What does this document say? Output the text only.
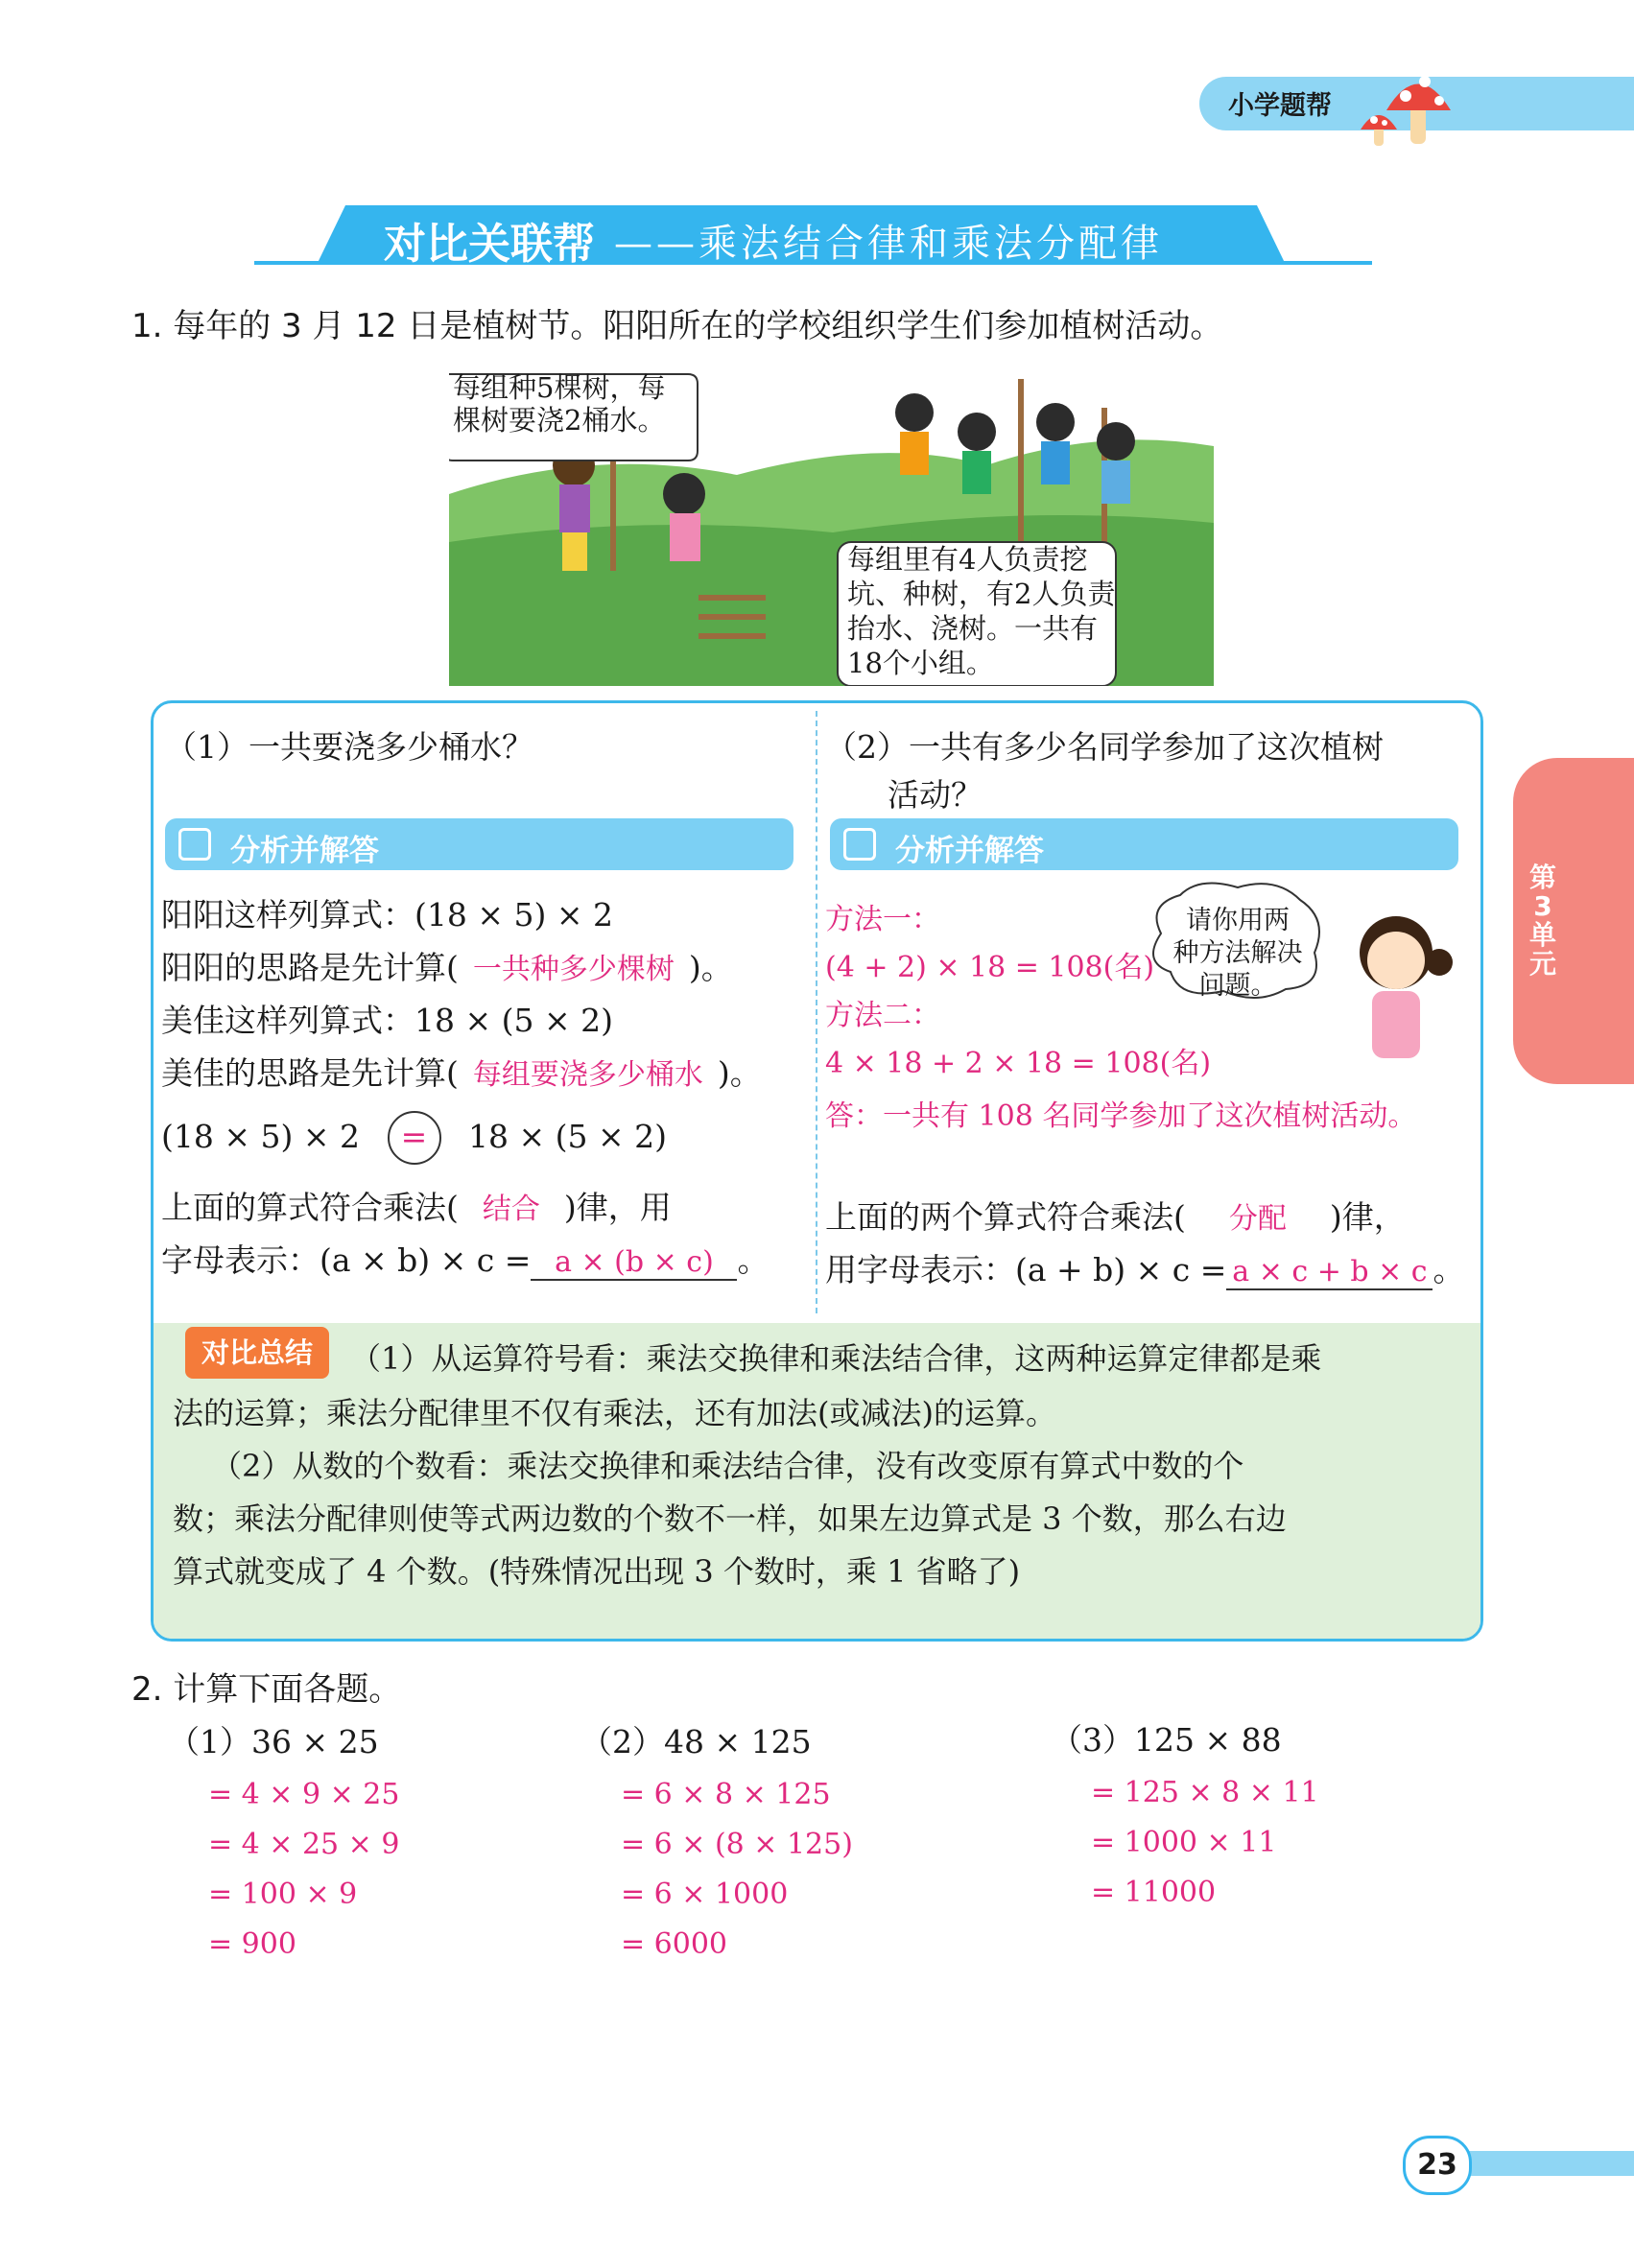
小学题帮
对比关联帮 ——乘法结合律和乘法分配律
第3单元
1. 每年的 3 月 12 日是植树节。阳阳所在的学校组织学生们参加植树活动。
每组种5棵树，每
棵树要浇2桶水。
每组里有4人负责挖
坑、种树，有2人负责
抬水、浇树。一共有
18个小组。
（1）一共要浇多少桶水？
分析并解答
阳阳这样列算式：(18 × 5) × 2
阳阳的思路是先计算( 一共种多少棵树 )。
美佳这样列算式：18 × (5 × 2)
美佳的思路是先计算( 每组要浇多少桶水 )。
(18 × 5) × 2 = 18 × (5 × 2)
上面的算式符合乘法( 结合 )律，用
字母表示：(a × b) × c = a × (b × c) 。
（2）一共有多少名同学参加了这次植树
活动？
分析并解答
方法一：
(4 + 2) × 18 = 108(名)
方法二：
4 × 18 + 2 × 18 = 108(名)
答：一共有 108 名同学参加了这次植树活动。
请你用两
种方法解决
问题。
上面的两个算式符合乘法( 分配 )律，
用字母表示：(a + b) × c = a × c + b × c 。
对比总结	（1）从运算符号看：乘法交换律和乘法结合律，这两种运算定律都是乘
法的运算；乘法分配律里不仅有乘法，还有加法(或减法)的运算。
（2）从数的个数看：乘法交换律和乘法结合律，没有改变原有算式中数的个
数；乘法分配律则使等式两边数的个数不一样，如果左边算式是 3 个数，那么右边
算式就变成了 4 个数。(特殊情况出现 3 个数时，乘 1 省略了)
2. 计算下面各题。
（1）36 × 25
= 4 × 9 × 25
= 4 × 25 × 9
= 100 × 9
= 900
（2）48 × 125
= 6 × 8 × 125
= 6 × (8 × 125)
= 6 × 1000
= 6000
（3）125 × 88
= 125 × 8 × 11
= 1000 × 11
= 11000
23
